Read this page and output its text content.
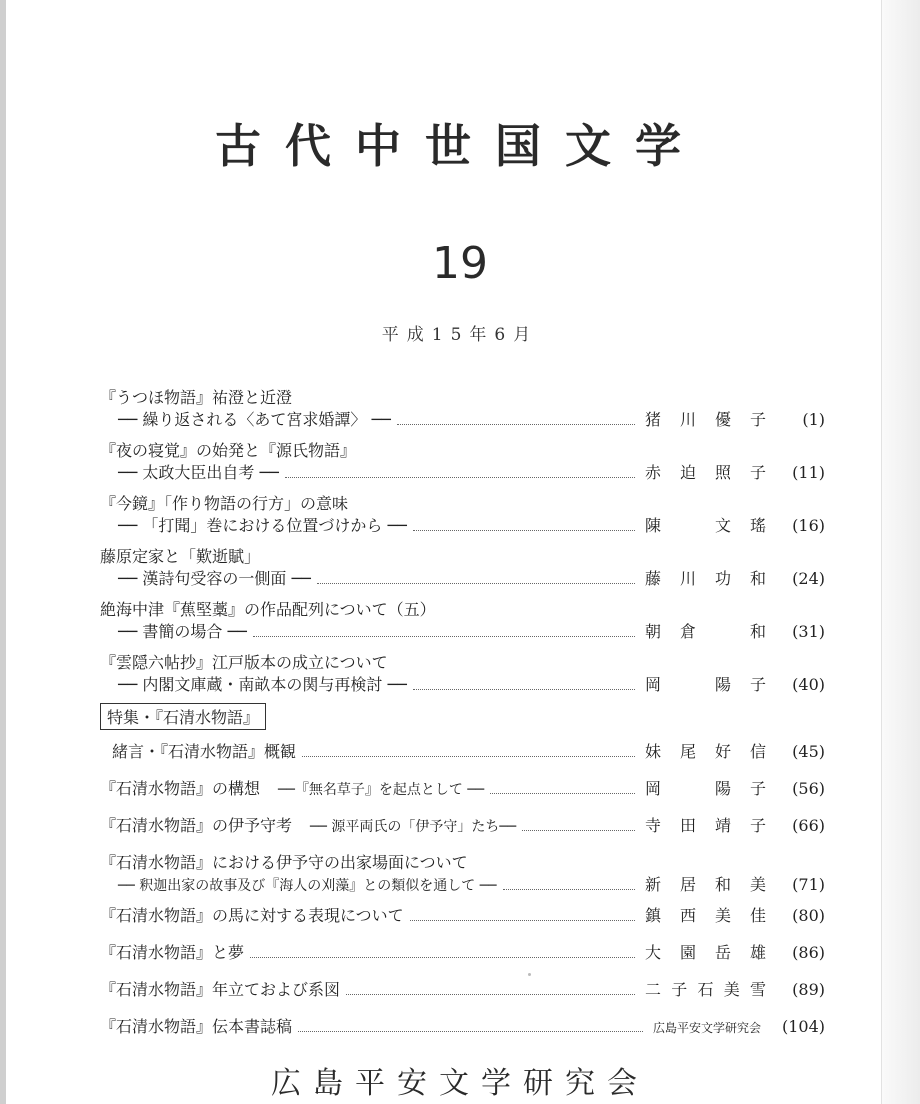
古代中世国文学
19
平成15年6月
『うつほ物語』祐澄と近澄
── 繰り返される〈あて宮求婚譚〉 ──	猪川優子	(1)
『夜の寝覚』の始発と『源氏物語』
── 太政大臣出自考 ──	赤迫照子	(11)
『今鏡』「作り物語の行方」の意味
── 「打聞」巻における位置づけから ──	陳　文瑤	(16)
藤原定家と「歎逝賦」
── 漢詩句受容の一側面 ──	藤川功和	(24)
絶海中津『蕉堅藁』の作品配列について（五）
── 書簡の場合 ──	朝倉　和	(31)
『雲隠六帖抄』江戸版本の成立について
── 内閣文庫蔵・南畝本の関与再検討 ──	岡　陽子	(40)
特集・『石清水物語』
緒言・『石清水物語』概観	妹尾好信	(45)
『石清水物語』の構想 ──『無名草子』を起点として ──	岡　陽子	(56)
『石清水物語』の伊予守考 ── 源平両氏の「伊予守」たち──	寺田靖子	(66)
『石清水物語』における伊予守の出家場面について
── 釈迦出家の故事及び『海人の刈藻』との類似を通して ──	新居和美	(71)
『石清水物語』の馬に対する表現について	鎮西美佳	(80)
『石清水物語』と夢	大園岳雄	(86)
『石清水物語』年立ておよび系図	二子石美雪	(89)
『石清水物語』伝本書誌稿	広島平安文学研究会	(104)
広島平安文学研究会
